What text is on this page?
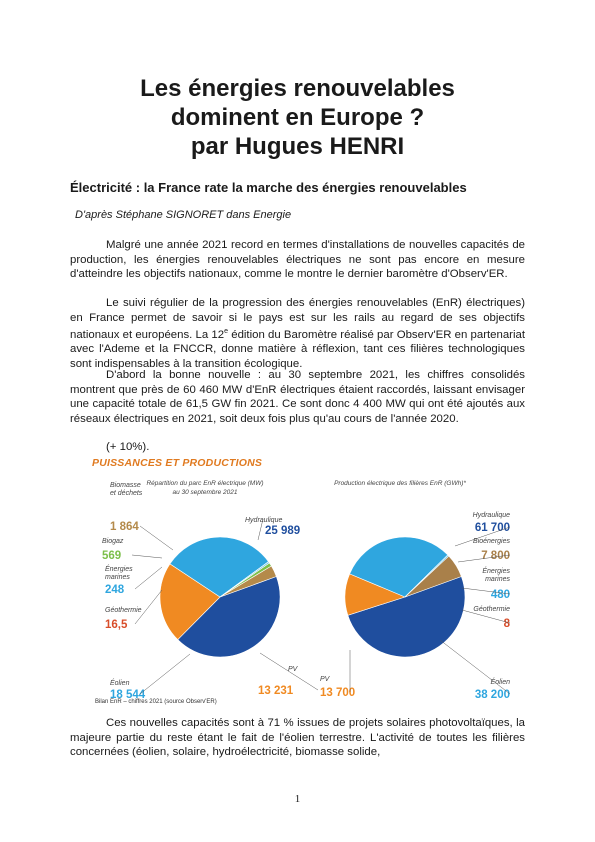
Les énergies renouvelables
dominent en Europe ?
par Hugues HENRI
Électricité : la France rate la marche des énergies renouvelables
D'après Stéphane SIGNORET dans Energie

Malgré une année 2021 record en termes d'installations de nouvelles capacités de production, les énergies renouvelables électriques ne sont pas encore en mesure d'atteindre les objectifs nationaux, comme le montre le dernier baromètre d'Observ'ER.

Le suivi régulier de la progression des énergies renouvelables (EnR) électriques) en France permet de savoir si le pays est sur les rails au regard de ses objectifs nationaux et européens. La 12e édition du Baromètre réalisé par Observ'ER en partenariat avec l'Ademe et la FNCCR, donne matière à réflexion, tant ces filières technologiques sont indispensables à la transition écologique.

D'abord la bonne nouvelle : au 30 septembre 2021, les chiffres consolidés montrent que près de 60 460 MW d'EnR électriques étaient raccordés, laissant envisager une capacité totale de 61,5 GW fin 2021. Ce sont donc 4 400 MW qui ont été ajoutés aux réseaux électriques en 2021, soit deux fois plus qu'au cours de l'année 2020.

(+ 10%).
PUISSANCES ET PRODUCTIONS
Répartition du parc EnR électrique (MW)
au 30 septembre 2021
Hydraulique
25 989
PV
13 231
Éolien
18 544
Géothermie
16,5
Énergies
marines
248
Biogaz
569
Biomasse
et déchets
1 864
Production électrique des filières EnR (GWh)*
Hydraulique
61 700
PV
13 700
Éolien
38 200
Géothermie
8
Énergies
marines
480
Bioénergies
7 800
Bilan EnR – chiffres 2021 (source Observ'ER)

Ces nouvelles capacités sont à 71 % issues de projets solaires photovoltaïques, la majeure partie du reste étant le fait de l'éolien terrestre. L'activité de toutes les filières concernées (éolien, solaire, hydroélectricité, biomasse solide,

1
